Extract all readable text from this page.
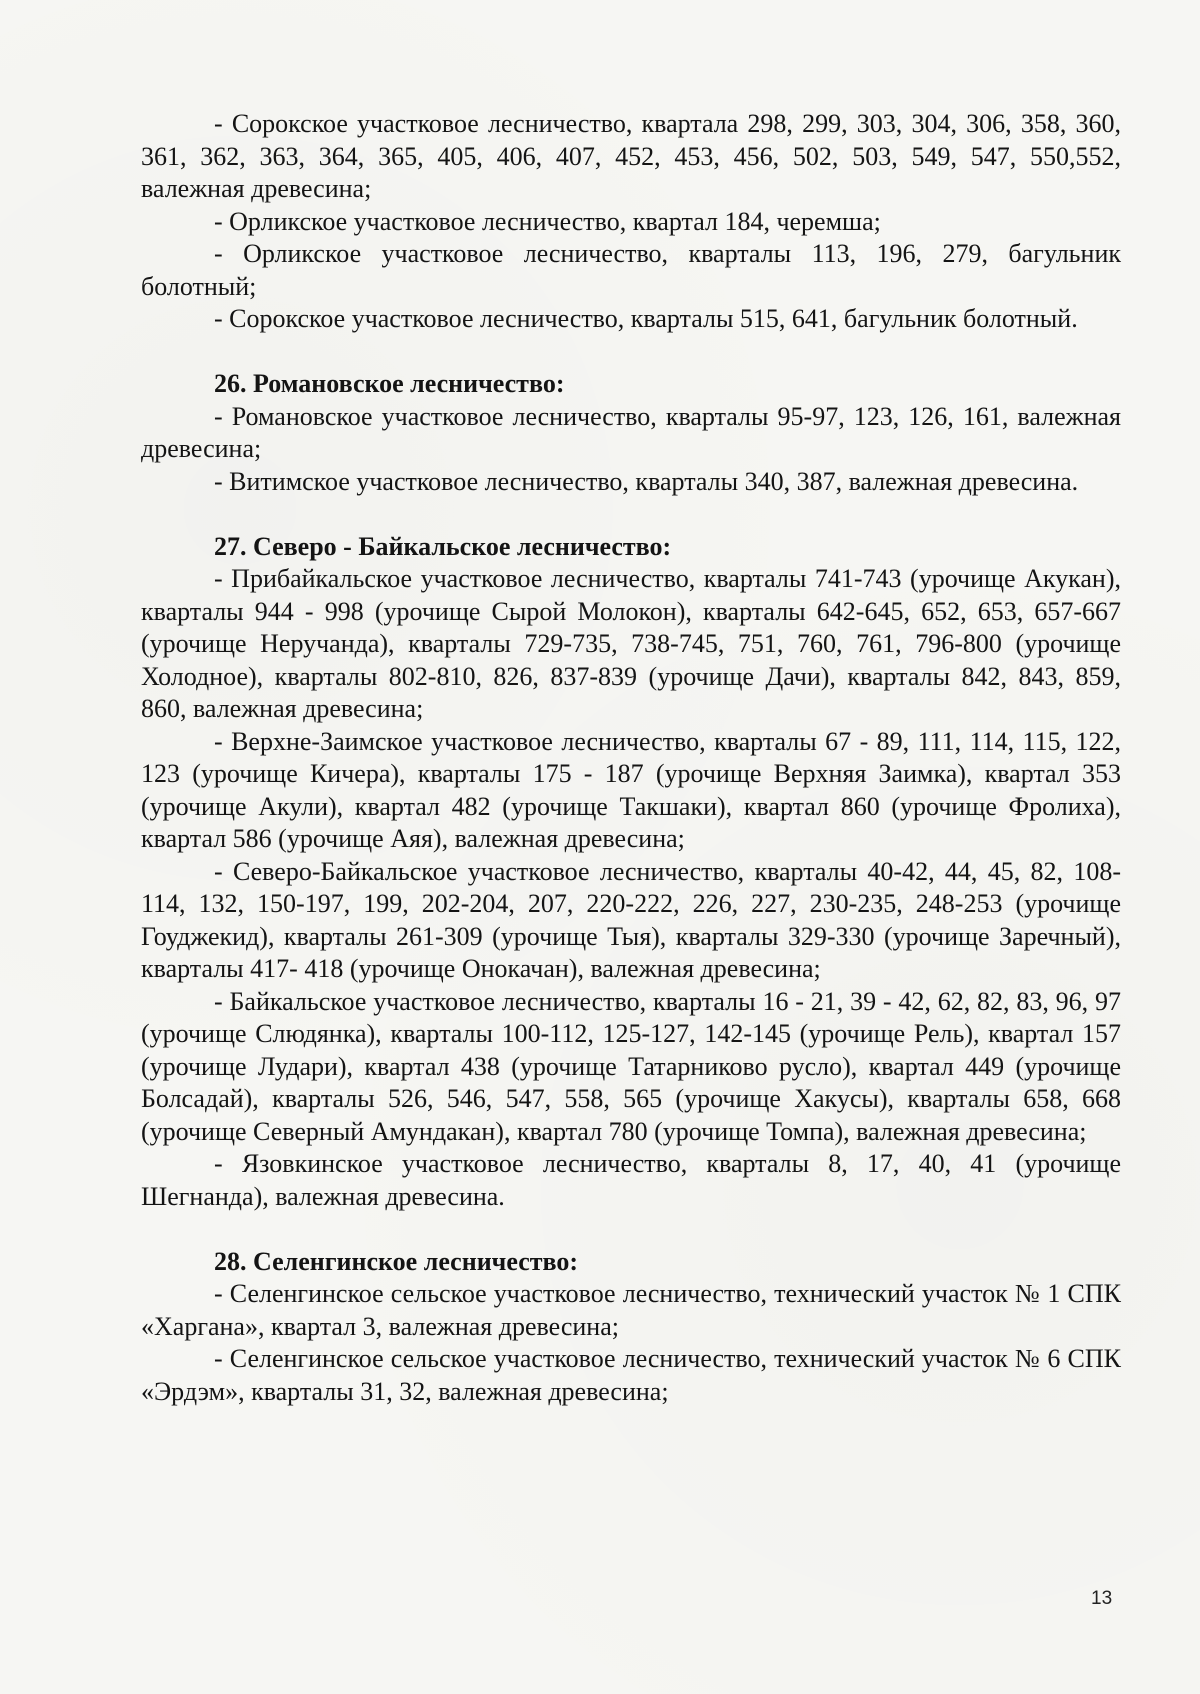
- Сорокское участковое лесничество, квартала 298, 299, 303, 304, 306, 358, 360, 361, 362, 363, 364, 365, 405, 406, 407, 452, 453, 456, 502, 503, 549, 547, 550,552, валежная древесина;

- Орликское участковое лесничество, квартал 184, черемша;

- Орликское участковое лесничество, кварталы 113, 196, 279, багульник болотный;

- Сорокское участковое лесничество, кварталы 515, 641, багульник болотный.

26. Романовское лесничество:

- Романовское участковое лесничество, кварталы 95-97, 123, 126, 161, валежная древесина;

- Витимское участковое лесничество, кварталы 340, 387, валежная древесина.

27. Северо - Байкальское лесничество:

- Прибайкальское участковое лесничество, кварталы 741-743 (урочище Акукан), кварталы 944 - 998 (урочище Сырой Молокон), кварталы 642-645, 652, 653, 657-667 (урочище Неручанда), кварталы 729-735, 738-745, 751, 760, 761, 796-800 (урочище Холодное), кварталы 802-810, 826, 837-839 (урочище Дачи), кварталы 842, 843, 859, 860, валежная древесина;

- Верхне-Заимское участковое лесничество, кварталы 67 - 89, 111, 114, 115, 122, 123 (урочище Кичера), кварталы 175 - 187 (урочище Верхняя Заимка), квартал 353 (урочище Акули), квартал 482 (урочище Такшаки), квартал 860 (урочище Фролиха), квартал 586 (урочище Аяя), валежная древесина;

- Северо-Байкальское участковое лесничество, кварталы 40-42, 44, 45, 82, 108-114, 132, 150-197, 199, 202-204, 207, 220-222, 226, 227, 230-235, 248-253 (урочище Гоуджекид), кварталы 261-309 (урочище Тыя), кварталы 329-330 (урочище Заречный), кварталы 417- 418 (урочище Онокачан), валежная древесина;

- Байкальское участковое лесничество, кварталы 16 - 21, 39 - 42, 62, 82, 83, 96, 97 (урочище Слюдянка), кварталы 100-112, 125-127, 142-145 (урочище Рель), квартал 157 (урочище Лудари), квартал 438 (урочище Татарниково русло), квартал 449 (урочище Болсадай), кварталы 526, 546, 547, 558, 565 (урочище Хакусы), кварталы 658, 668 (урочище Северный Амундакан), квартал 780 (урочище Томпа), валежная древесина;

- Язовкинское участковое лесничество, кварталы 8, 17, 40, 41 (урочище Шегнанда), валежная древесина.

28. Селенгинское лесничество:

- Селенгинское сельское участковое лесничество, технический участок № 1 СПК «Харгана», квартал 3, валежная древесина;

- Селенгинское сельское участковое лесничество, технический участок № 6 СПК «Эрдэм», кварталы 31, 32, валежная древесина;

13
